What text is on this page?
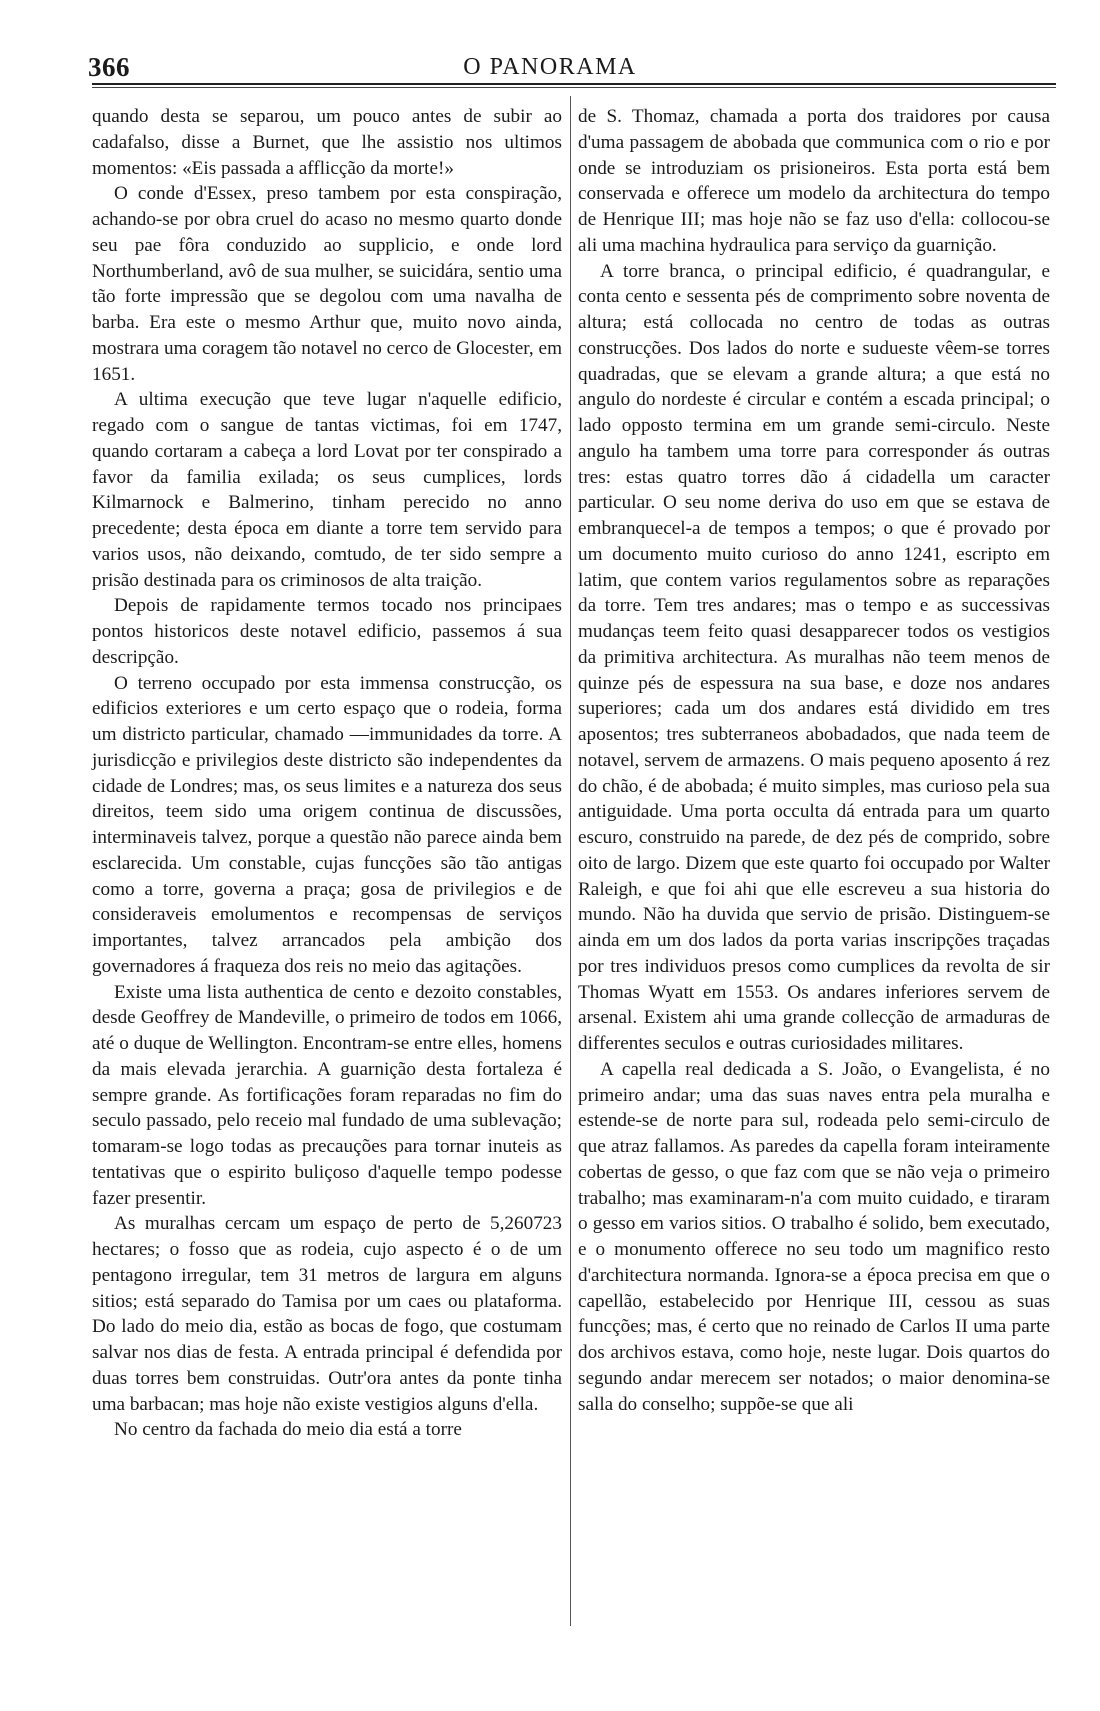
366	O PANORAMA

quando desta se separou, um pouco antes de subir ao cadafalso, disse a Burnet, que lhe assistio nos ultimos momentos: «Eis passada a afflicção da morte!»

O conde d'Essex, preso tambem por esta conspiração, achando-se por obra cruel do acaso no mesmo quarto donde seu pae fôra conduzido ao supplicio, e onde lord Northumberland, avô de sua mulher, se suicidára, sentio uma tão forte impressão que se degolou com uma navalha de barba. Era este o mesmo Arthur que, muito novo ainda, mostrara uma coragem tão notavel no cerco de Glocester, em 1651.

A ultima execução que teve lugar n'aquelle edificio, regado com o sangue de tantas victimas, foi em 1747, quando cortaram a cabeça a lord Lovat por ter conspirado a favor da familia exilada; os seus cumplices, lords Kilmarnock e Balmerino, tinham perecido no anno precedente; desta época em diante a torre tem servido para varios usos, não deixando, comtudo, de ter sido sempre a prisão destinada para os criminosos de alta traição.

Depois de rapidamente termos tocado nos principaes pontos historicos deste notavel edificio, passemos á sua descripção.

O terreno occupado por esta immensa construcção, os edificios exteriores e um certo espaço que o rodeia, forma um districto particular, chamado —immunidades da torre. A jurisdicção e privilegios deste districto são independentes da cidade de Londres; mas, os seus limites e a natureza dos seus direitos, teem sido uma origem continua de discussões, interminaveis talvez, porque a questão não parece ainda bem esclarecida. Um constable, cujas funcções são tão antigas como a torre, governa a praça; gosa de privilegios e de consideraveis emolumentos e recompensas de serviços importantes, talvez arrancados pela ambição dos governadores á fraqueza dos reis no meio das agitações.

Existe uma lista authentica de cento e dezoito constables, desde Geoffrey de Mandeville, o primeiro de todos em 1066, até o duque de Wellington. Encontram-se entre elles, homens da mais elevada jerarchia. A guarnição desta fortaleza é sempre grande. As fortificações foram reparadas no fim do seculo passado, pelo receio mal fundado de uma sublevação; tomaram-se logo todas as precauções para tornar inuteis as tentativas que o espirito buliçoso d'aquelle tempo podesse fazer presentir.

As muralhas cercam um espaço de perto de 5,260723 hectares; o fosso que as rodeia, cujo aspecto é o de um pentagono irregular, tem 31 metros de largura em alguns sitios; está separado do Tamisa por um caes ou plataforma. Do lado do meio dia, estão as bocas de fogo, que costumam salvar nos dias de festa. A entrada principal é defendida por duas torres bem construidas. Outr'ora antes da ponte tinha uma barbacan; mas hoje não existe vestigios alguns d'ella.

No centro da fachada do meio dia está a torre

de S. Thomaz, chamada a porta dos traidores por causa d'uma passagem de abobada que communica com o rio e por onde se introduziam os prisioneiros. Esta porta está bem conservada e offerece um modelo da architectura do tempo de Henrique III; mas hoje não se faz uso d'ella: collocou-se ali uma machina hydraulica para serviço da guarnição.

A torre branca, o principal edificio, é quadrangular, e conta cento e sessenta pés de comprimento sobre noventa de altura; está collocada no centro de todas as outras construcções. Dos lados do norte e sudueste vêem-se torres quadradas, que se elevam a grande altura; a que está no angulo do nordeste é circular e contém a escada principal; o lado opposto termina em um grande semi-circulo. Neste angulo ha tambem uma torre para corresponder ás outras tres: estas quatro torres dão á cidadella um caracter particular. O seu nome deriva do uso em que se estava de embranquecel-a de tempos a tempos; o que é provado por um documento muito curioso do anno 1241, escripto em latim, que contem varios regulamentos sobre as reparações da torre. Tem tres andares; mas o tempo e as successivas mudanças teem feito quasi desapparecer todos os vestigios da primitiva architectura. As muralhas não teem menos de quinze pés de espessura na sua base, e doze nos andares superiores; cada um dos andares está dividido em tres aposentos; tres subterraneos abobadados, que nada teem de notavel, servem de armazens. O mais pequeno aposento á rez do chão, é de abobada; é muito simples, mas curioso pela sua antiguidade. Uma porta occulta dá entrada para um quarto escuro, construido na parede, de dez pés de comprido, sobre oito de largo. Dizem que este quarto foi occupado por Walter Raleigh, e que foi ahi que elle escreveu a sua historia do mundo. Não ha duvida que servio de prisão. Distinguem-se ainda em um dos lados da porta varias inscripções traçadas por tres individuos presos como cumplices da revolta de sir Thomas Wyatt em 1553. Os andares inferiores servem de arsenal. Existem ahi uma grande collecção de armaduras de differentes seculos e outras curiosidades militares.

A capella real dedicada a S. João, o Evangelista, é no primeiro andar; uma das suas naves entra pela muralha e estende-se de norte para sul, rodeada pelo semi-circulo de que atraz fallamos. As paredes da capella foram inteiramente cobertas de gesso, o que faz com que se não veja o primeiro trabalho; mas examinaram-n'a com muito cuidado, e tiraram o gesso em varios sitios. O trabalho é solido, bem executado, e o monumento offerece no seu todo um magnifico resto d'architectura normanda. Ignora-se a época precisa em que o capellão, estabelecido por Henrique III, cessou as suas funcções; mas, é certo que no reinado de Carlos II uma parte dos archivos estava, como hoje, neste lugar. Dois quartos do segundo andar merecem ser notados; o maior denomina-se salla do conselho; suppõe-se que ali
